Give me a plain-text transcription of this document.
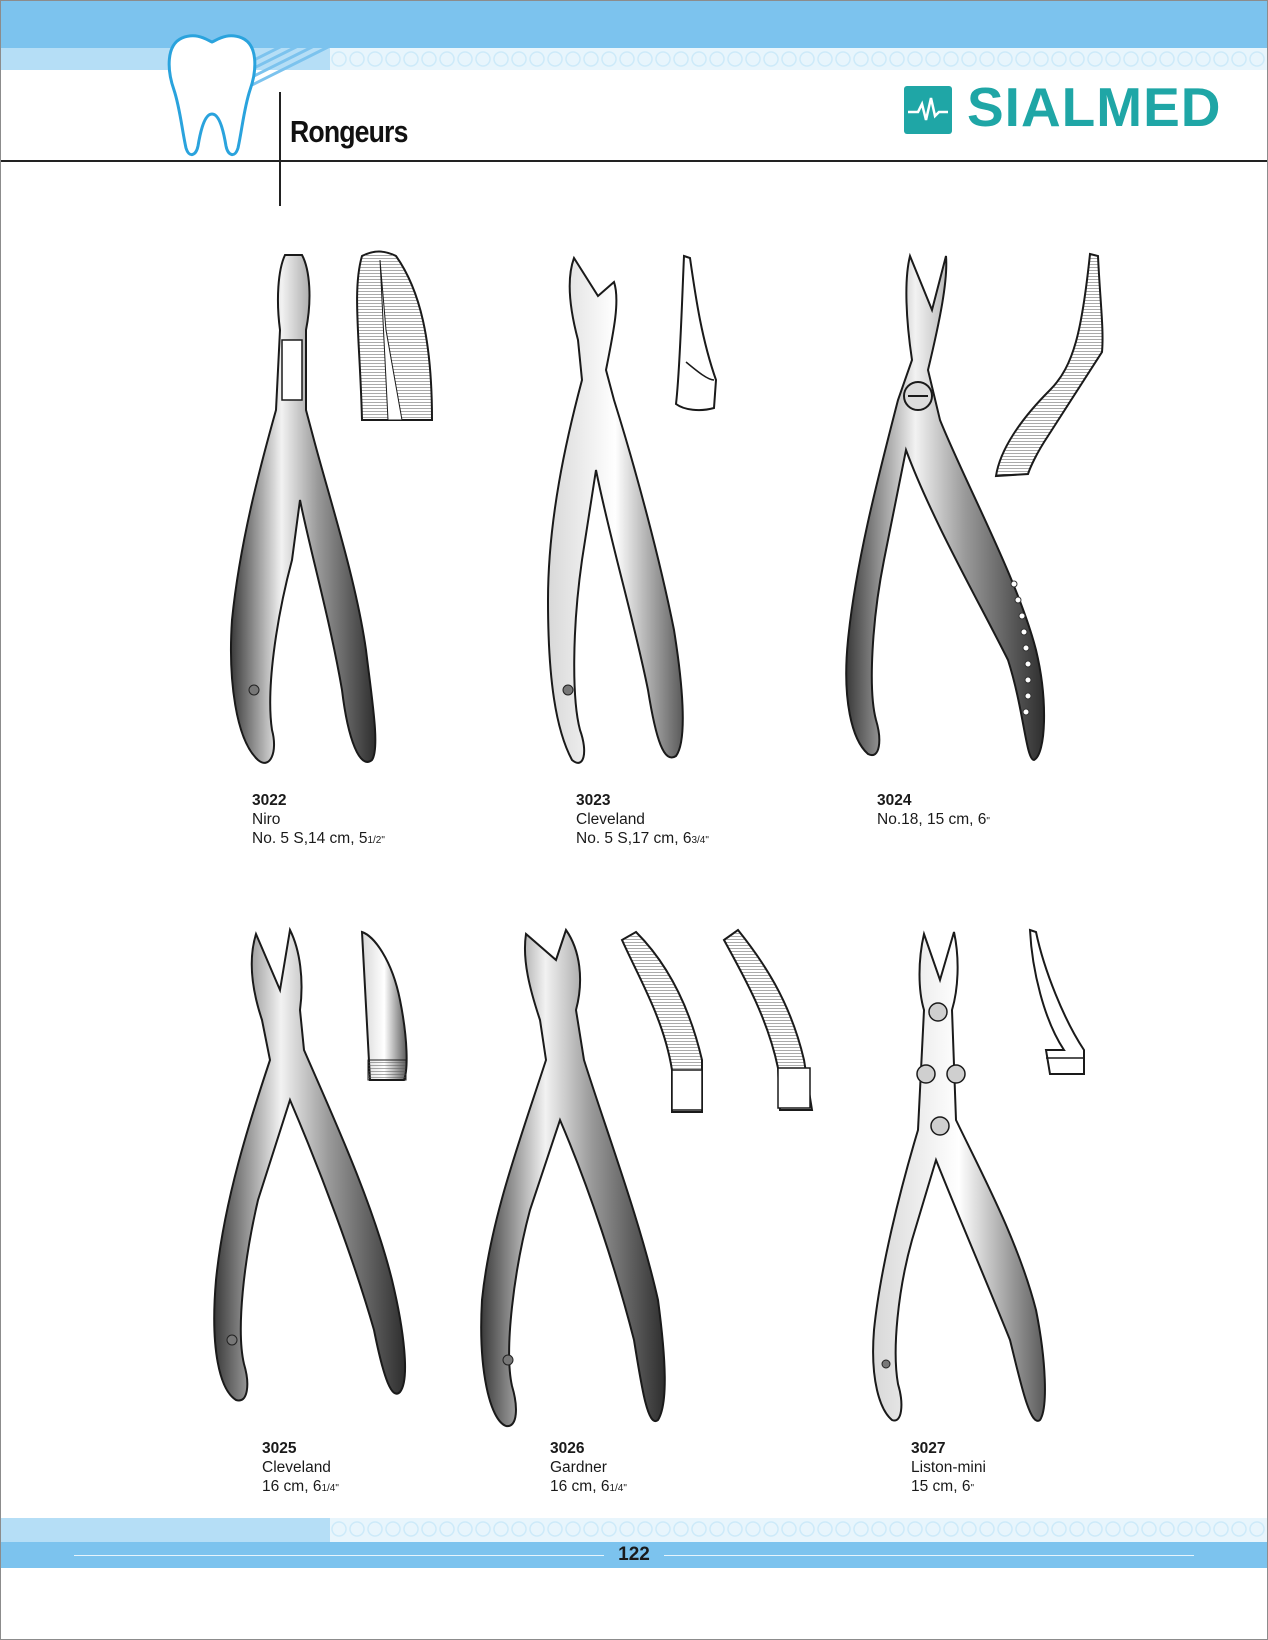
Rongeurs	SIALMED
3022
Niro
No. 5 S,14 cm, 51/2"
3023
Cleveland
No. 5 S,17 cm, 63/4"
3024
No.18, 15 cm, 6"
3025
Cleveland
16 cm, 61/4"
3026
Gardner
16 cm, 61/4"
3027
Liston-mini
15 cm, 6"
122
